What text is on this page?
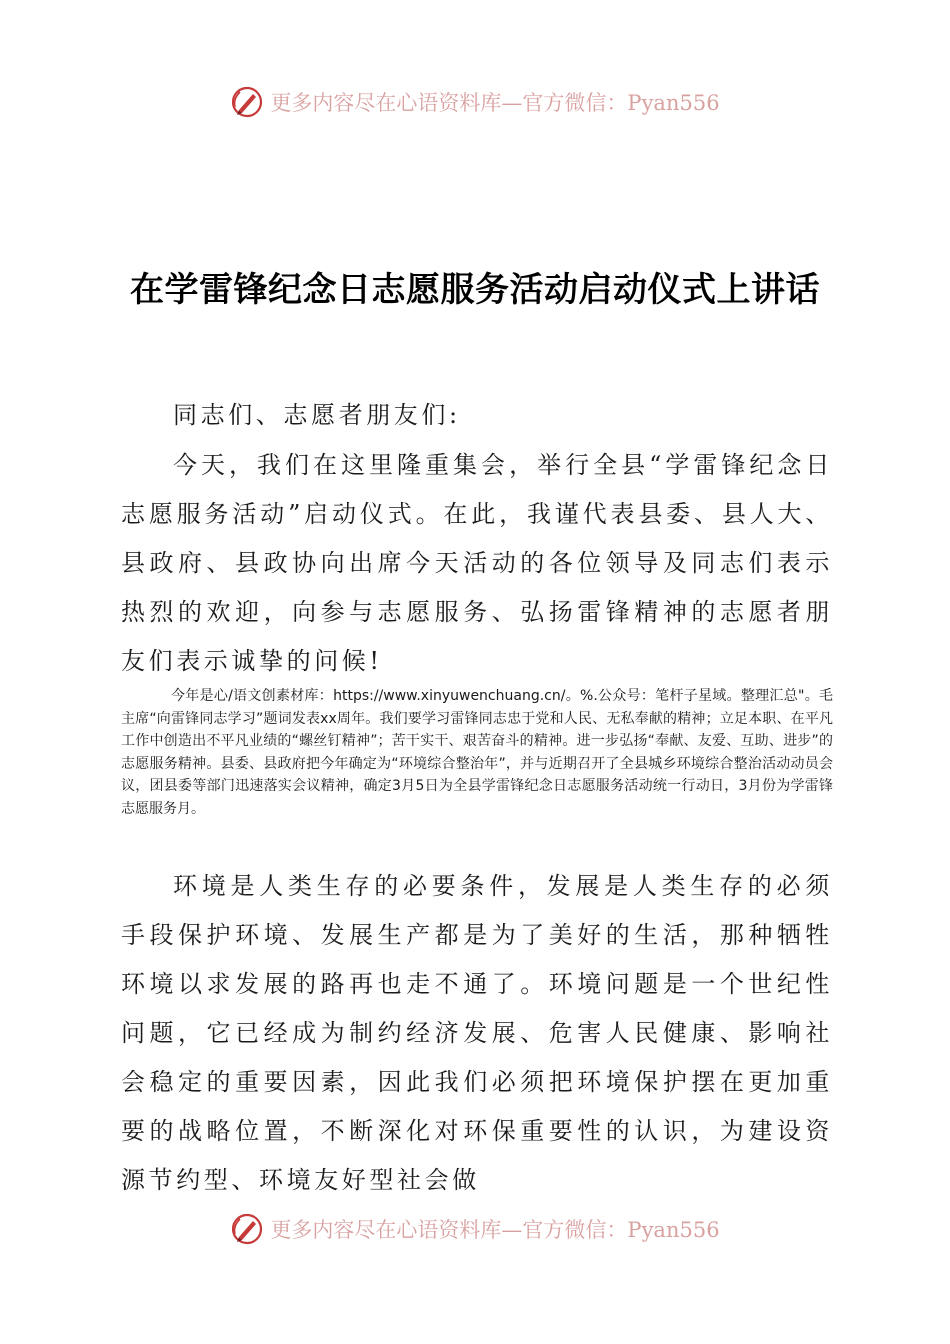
更多内容尽在心语资料库—官方微信：Pyan556
在学雷锋纪念日志愿服务活动启动仪式上讲话
同志们、志愿者朋友们:
今天，我们在这里隆重集会，举行全县“学雷锋纪念日志愿服务活动”启动仪式。在此，我谨代表县委、县人大、县政府、县政协向出席今天活动的各位领导及同志们表示热烈的欢迎，向参与志愿服务、弘扬雷锋精神的志愿者朋友们表示诚挚的问候!
今年是心/语文创素材库：https://www.xinyuwenchuang.cn/。%.公众号：笔杆子星域。整理汇总"。毛主席“向雷锋同志学习”题词发表xx周年。我们要学习雷锋同志忠于党和人民、无私奉献的精神；立足本职、在平凡工作中创造出不平凡业绩的“螺丝钉精神”；苦干实干、艰苦奋斗的精神。进一步弘扬“奉献、友爱、互助、进步”的志愿服务精神。县委、县政府把今年确定为“环境综合整治年”，并与近期召开了全县城乡环境综合整治活动动员会议，团县委等部门迅速落实会议精神，确定3月5日为全县学雷锋纪念日志愿服务活动统一行动日，3月份为学雷锋志愿服务月。
环境是人类生存的必要条件，发展是人类生存的必须手段保护环境、发展生产都是为了美好的生活，那种牺牲环境以求发展的路再也走不通了。环境问题是一个世纪性问题，它已经成为制约经济发展、危害人民健康、影响社会稳定的重要因素，因此我们必须把环境保护摆在更加重要的战略位置，不断深化对环保重要性的认识，为建设资源节约型、环境友好型社会做
更多内容尽在心语资料库—官方微信：Pyan556
